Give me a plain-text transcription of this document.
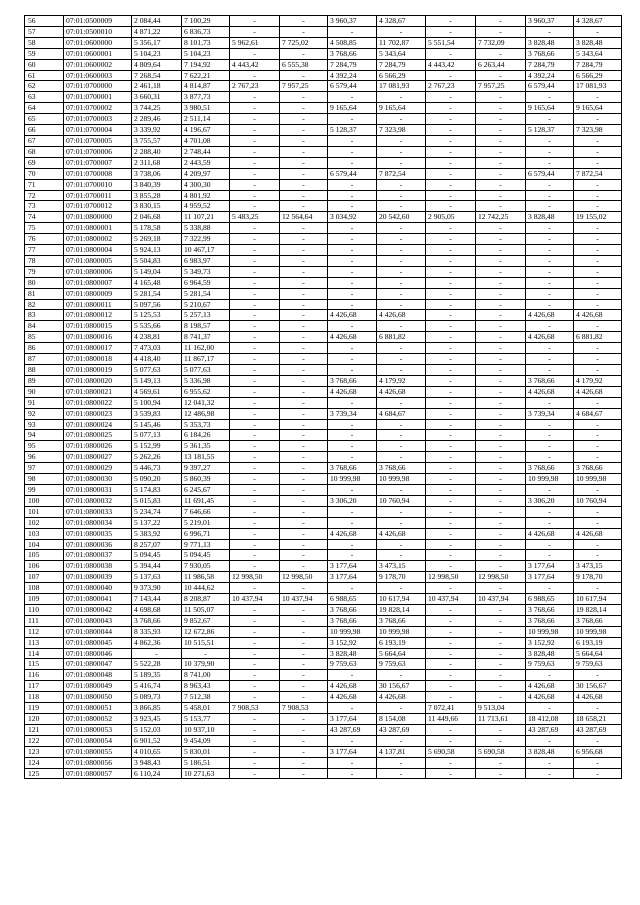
56	07:01:0500009	2 084,44	7 100,29	-	-	3 960,37	4 328,67	-	-	3 960,37	4 328,67
57	07:01:0500010	4 871,22	6 836,73	-	-	-	-	-	-	-	-
58	07:01:0600000	5 356,17	8 101,73	5 962,61	7 725,02	4 508,85	11 702,87	5 551,54	7 732,09	3 828,48	3 828,48
59	07:01:0600001	5 104,23	5 104,23	-	-	3 768,66	5 343,64	-	-	3 768,66	5 343,64
60	07:01:0600002	4 809,64	7 194,92	4 443,42	6 555,38	7 284,79	7 284,79	4 443,42	6 263,44	7 284,79	7 284,79
61	07:01:0600003	7 268,54	7 622,21	-	-	4 392,24	6 566,29	-	-	4 392,24	6 566,29
62	07:01:0700000	2 461,18	4 814,87	2 767,23	7 957,25	6 579,44	17 081,93	2 767,23	7 957,25	6 579,44	17 081,93
63	07:01:0700001	3 660,31	3 877,73	-	-	-	-	-	-	-	-
64	07:01:0700002	3 744,25	3 980,51	-	-	9 165,64	9 165,64	-	-	9 165,64	9 165,64
65	07:01:0700003	2 289,46	2 511,14	-	-	-	-	-	-	-	-
66	07:01:0700004	3 339,92	4 196,67	-	-	5 128,37	7 323,98	-	-	5 128,37	7 323,98
67	07:01:0700005	3 755,57	4 701,08	-	-	-	-	-	-	-	-
68	07:01:0700006	2 288,40	2 748,44	-	-	-	-	-	-	-	-
69	07:01:0700007	2 311,68	2 443,59	-	-	-	-	-	-	-	-
70	07:01:0700008	3 738,06	4 209,97	-	-	6 579,44	7 872,54	-	-	6 579,44	7 872,54
71	07:01:0700010	3 840,39	4 300,30	-	-	-	-	-	-	-	-
72	07:01:0700011	3 855,28	4 801,92	-	-	-	-	-	-	-	-
73	07:01:0700012	3 830,15	4 959,52	-	-	-	-	-	-	-	-
74	07:01:0800000	2 046,68	11 107,21	5 483,25	12 564,64	3 034,92	20 542,60	2 905,05	12 742,25	3 828,48	19 155,02
75	07:01:0800001	5 178,58	5 338,88	-	-	-	-	-	-	-	-
76	07:01:0800002	5 269,18	7 322,99	-	-	-	-	-	-	-	-
77	07:01:0800004	5 924,13	10 467,17	-	-	-	-	-	-	-	-
78	07:01:0800005	5 504,83	6 983,97	-	-	-	-	-	-	-	-
79	07:01:0800006	5 149,04	5 349,73	-	-	-	-	-	-	-	-
80	07:01:0800007	4 165,48	6 964,59	-	-	-	-	-	-	-	-
81	07:01:0800009	5 281,54	5 281,54	-	-	-	-	-	-	-	-
82	07:01:0800011	5 097,56	5 210,67	-	-	-	-	-	-	-	-
83	07:01:0800012	5 125,53	5 257,13	-	-	4 426,68	4 426,68	-	-	4 426,68	4 426,68
84	07:01:0800015	5 535,66	8 198,57	-	-	-	-	-	-	-	-
85	07:01:0800016	4 238,81	8 741,37	-	-	4 426,68	6 881,82	-	-	4 426,68	6 881,82
86	07:01:0800017	7 473,03	11 162,00	-	-	-	-	-	-	-	-
87	07:01:0800018	4 418,40	11 867,17	-	-	-	-	-	-	-	-
88	07:01:0800019	5 077,63	5 077,63	-	-	-	-	-	-	-	-
89	07:01:0800020	5 149,13	5 336,98	-	-	3 768,66	4 179,92	-	-	3 768,66	4 179,92
90	07:01:0800021	4 569,61	6 955,62	-	-	4 426,68	4 426,68	-	-	4 426,68	4 426,68
91	07:01:0800022	5 100,94	12 041,32	-	-	-	-	-	-	-	-
92	07:01:0800023	3 539,83	12 486,98	-	-	3 739,34	4 684,67	-	-	3 739,34	4 684,67
93	07:01:0800024	5 145,46	5 353,73	-	-	-	-	-	-	-	-
94	07:01:0800025	5 077,13	6 184,26	-	-	-	-	-	-	-	-
95	07:01:0800026	5 152,99	5 361,35	-	-	-	-	-	-	-	-
96	07:01:0800027	5 262,26	13 181,55	-	-	-	-	-	-	-	-
97	07:01:0800029	5 446,73	9 397,27	-	-	3 768,66	3 768,66	-	-	3 768,66	3 768,66
98	07:01:0800030	5 090,20	5 860,39	-	-	10 999,98	10 999,98	-	-	10 999,98	10 999,98
99	07:01:0800031	5 174,83	6 245,67	-	-	-	-	-	-	-	-
100	07:01:0800032	5 015,83	11 691,45	-	-	3 306,20	10 760,94	-	-	3 306,20	10 760,94
101	07:01:0800033	5 234,74	7 646,66	-	-	-	-	-	-	-	-
102	07:01:0800034	5 137,22	5 219,01	-	-	-	-	-	-	-	-
103	07:01:0800035	5 383,92	6 996,71	-	-	4 426,68	4 426,68	-	-	4 426,68	4 426,68
104	07:01:0800036	8 257,07	9 771,13	-	-	-	-	-	-	-	-
105	07:01:0800037	5 094,45	5 094,45	-	-	-	-	-	-	-	-
106	07:01:0800038	5 394,44	7 930,05	-	-	3 177,64	3 473,15	-	-	3 177,64	3 473,15
107	07:01:0800039	5 137,63	11 986,58	12 998,50	12 998,50	3 177,64	9 178,70	12 998,50	12 998,50	3 177,64	9 178,70
108	07:01:0800040	9 373,90	10 444,62	-	-	-	-	-	-	-	-
109	07:01:0800041	7 143,44	8 208,87	10 437,94	10 437,94	6 988,65	10 617,94	10 437,94	10 437,94	6 988,65	10 617,94
110	07:01:0800042	4 698,68	11 505,07	-	-	3 768,66	19 828,14	-	-	3 768,66	19 828,14
111	07:01:0800043	3 768,66	9 852,67	-	-	3 768,66	3 768,66	-	-	3 768,66	3 768,66
112	07:01:0800044	8 335,93	12 672,86	-	-	10 999,98	10 999,98	-	-	10 999,98	10 999,98
113	07:01:0800045	4 862,36	10 515,51	-	-	3 152,92	6 193,19	-	-	3 152,92	6 193,19
114	07:01:0800046	-	-	-	-	3 828,48	5 664,64	-	-	3 828,48	5 664,64
115	07:01:0800047	5 522,28	10 379,90	-	-	9 759,63	9 759,63	-	-	9 759,63	9 759,63
116	07:01:0800048	5 189,35	8 741,00	-	-	-	-	-	-	-	-
117	07:01:0800049	5 416,74	8 963,43	-	-	4 426,68	30 156,67	-	-	4 426,68	30 156,67
118	07:01:0800050	5 089,73	7 512,38	-	-	4 426,68	4 426,68	-	-	4 426,68	4 426,68
119	07:01:0800051	3 866,85	5 458,01	7 908,53	7 908,53	-	-	7 072,41	9 513,04	-	-
120	07:01:0800052	3 923,45	5 153,77	-	-	3 177,64	8 154,08	11 449,66	11 713,61	18 412,08	18 658,21
121	07:01:0800053	5 152,03	10 937,10	-	-	43 287,69	43 287,69	-	-	43 287,69	43 287,69
122	07:01:0800054	6 901,52	9 454,09	-	-	-	-	-	-	-	-
123	07:01:0800055	4 010,65	5 830,01	-	-	3 177,64	4 137,81	5 690,58	5 690,58	3 828,48	6 956,68
124	07:01:0800056	3 948,43	5 186,51	-	-	-	-	-	-	-	-
125	07:01:0800057	6 110,24	10 271,63	-	-	-	-	-	-	-	-
